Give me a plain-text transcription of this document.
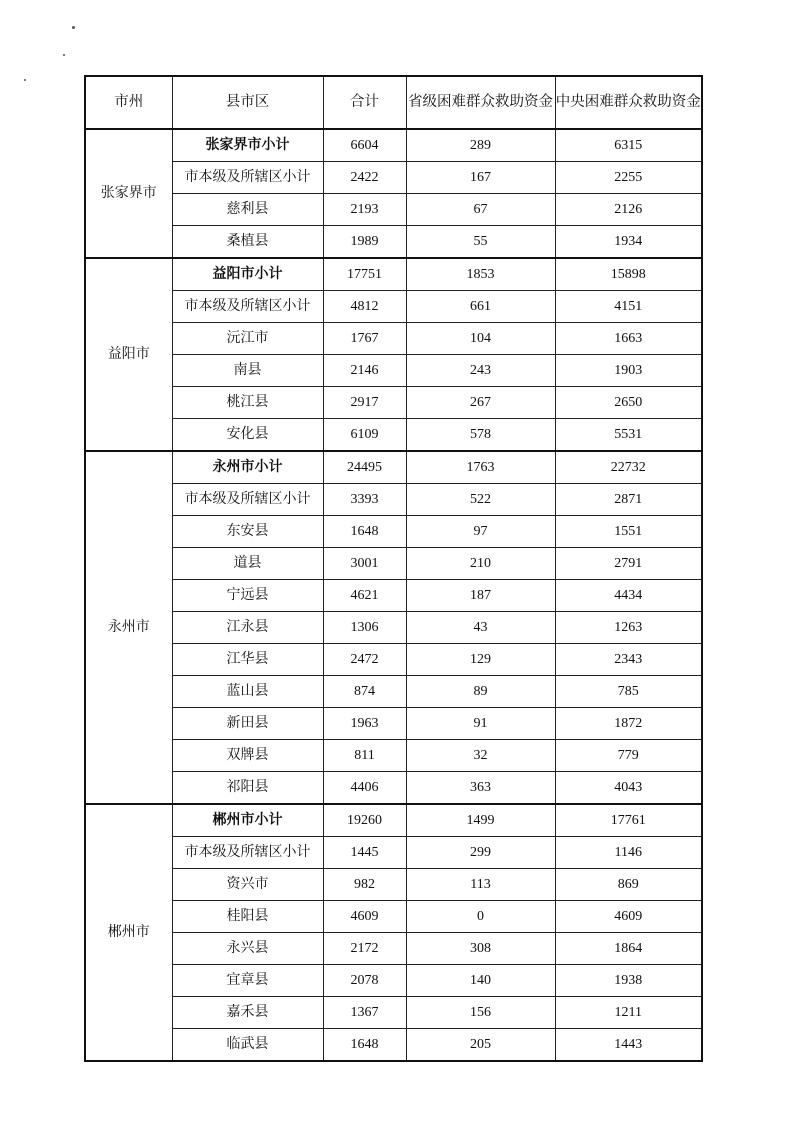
市州	县市区	合计	省级困难群众救助资金	中央困难群众救助资金
张家界市	张家界市小计	6604	289	6315
	市本级及所辖区小计	2422	167	2255
	慈利县	2193	67	2126
	桑植县	1989	55	1934
益阳市	益阳市小计	17751	1853	15898
	市本级及所辖区小计	4812	661	4151
	沅江市	1767	104	1663
	南县	2146	243	1903
	桃江县	2917	267	2650
	安化县	6109	578	5531
永州市	永州市小计	24495	1763	22732
	市本级及所辖区小计	3393	522	2871
	东安县	1648	97	1551
	道县	3001	210	2791
	宁远县	4621	187	4434
	江永县	1306	43	1263
	江华县	2472	129	2343
	蓝山县	874	89	785
	新田县	1963	91	1872
	双牌县	811	32	779
	祁阳县	4406	363	4043
郴州市	郴州市小计	19260	1499	17761
	市本级及所辖区小计	1445	299	1146
	资兴市	982	113	869
	桂阳县	4609	0	4609
	永兴县	2172	308	1864
	宜章县	2078	140	1938
	嘉禾县	1367	156	1211
	临武县	1648	205	1443
